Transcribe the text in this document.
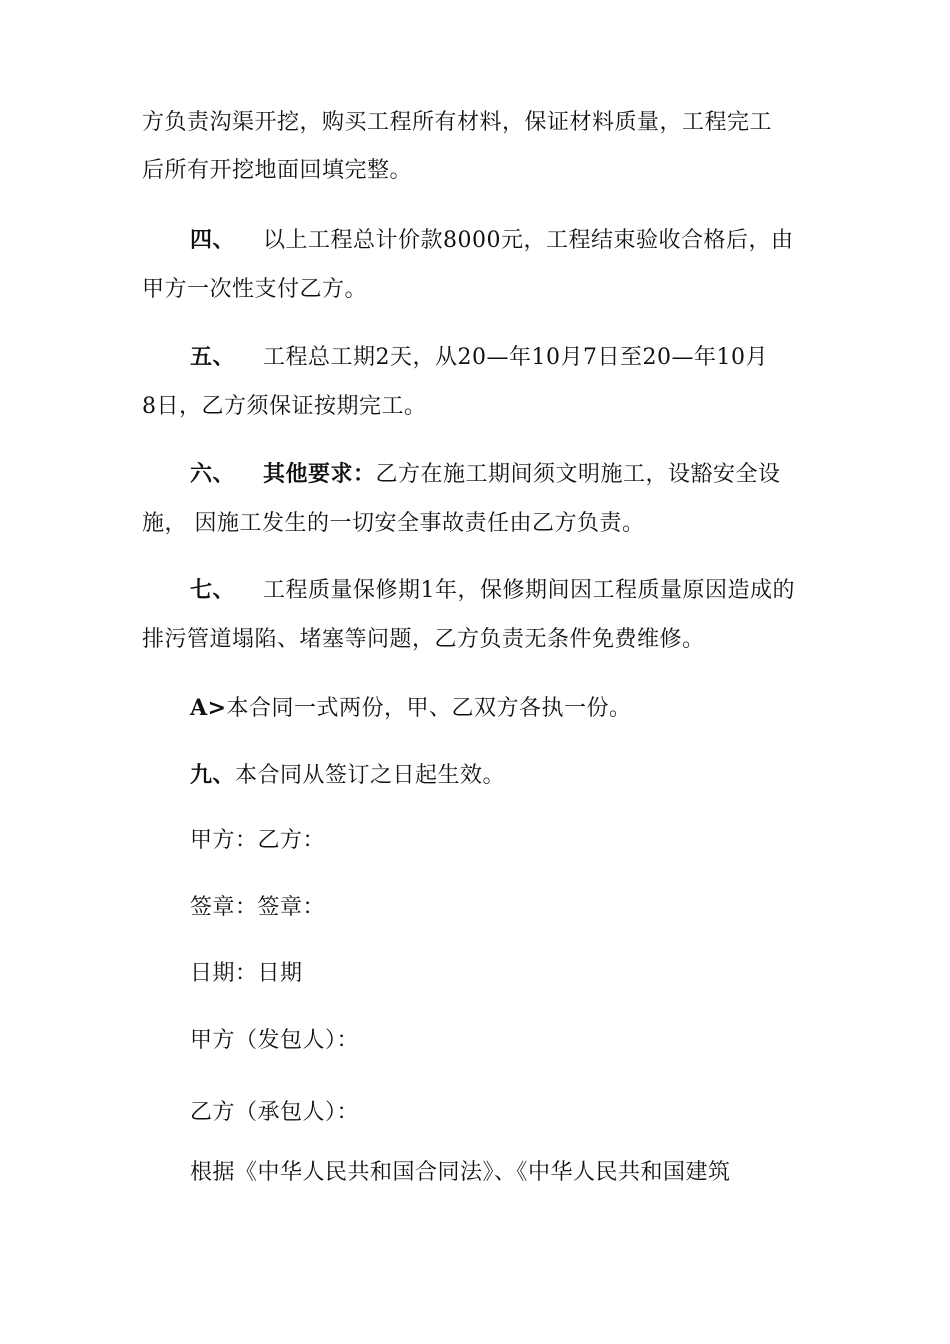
方负责沟渠开挖，购买工程所有材料，保证材料质量，工程完工
后所有开挖地面回填完整。
四、 以上工程总计价款8000元，工程结束验收合格后，由
甲方一次性支付乙方。
五、 工程总工期2天，从20—年10月7日至20—年10月
8日，乙方须保证按期完工。
六、 其他要求：乙方在施工期间须文明施工，设豁安全设
施， 因施工发生的一切安全事故责任由乙方负责。
七、 工程质量保修期1年，保修期间因工程质量原因造成的
排污管道塌陷、堵塞等问题，乙方负责无条件免费维修。
A>本合同一式两份，甲、乙双方各执一份。
九、本合同从签订之日起生效。
甲方：乙方：
签章：签章：
日期：日期
甲方（发包人）：
乙方（承包人）：
根据《中华人民共和国合同法》、《中华人民共和国建筑
